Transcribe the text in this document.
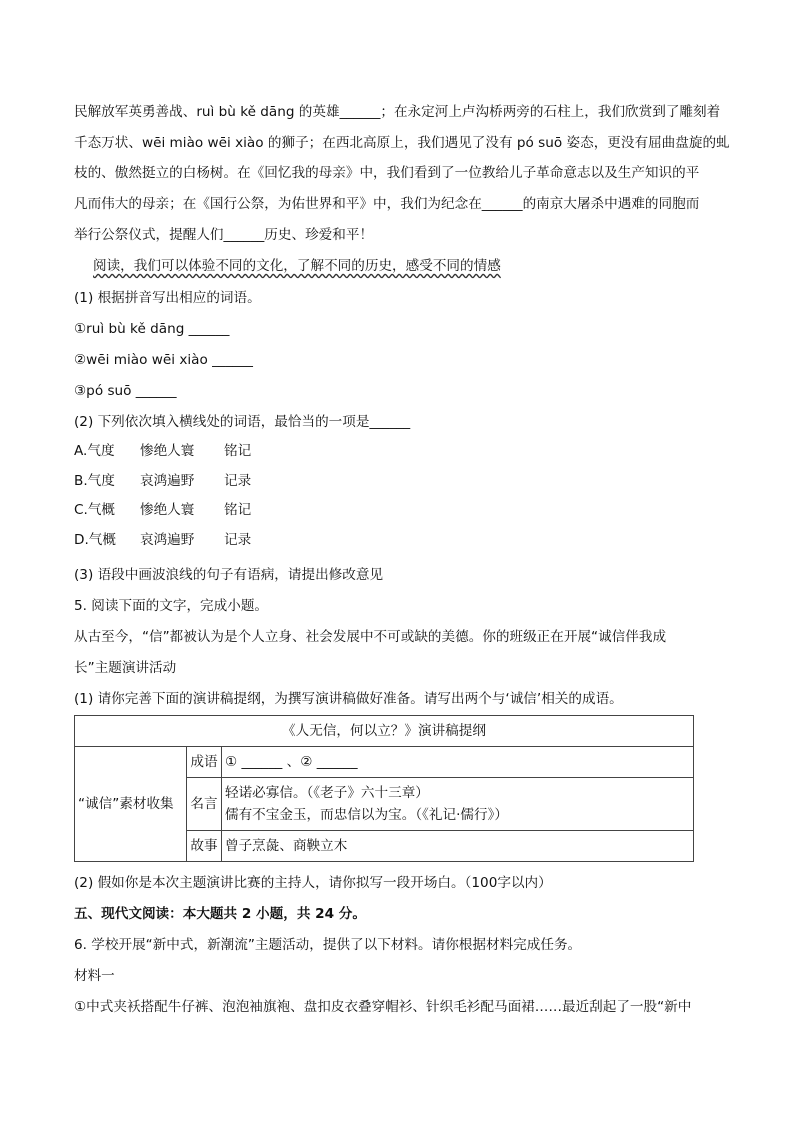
民解放军英勇善战、ruì bù kě dāng 的英雄______；在永定河上卢沟桥两旁的石柱上，我们欣赏到了雕刻着
千态万状、wēi miào wēi xiào 的狮子；在西北高原上，我们遇见了没有 pó suō 姿态，更没有屈曲盘旋的虬
枝的、傲然挺立的白杨树。在《回忆我的母亲》中，我们看到了一位教给儿子革命意志以及生产知识的平
凡而伟大的母亲；在《国行公祭，为佑世界和平》中，我们为纪念在______的南京大屠杀中遇难的同胞而
举行公祭仪式，提醒人们______历史、珍爱和平！
阅读，我们可以体验不同的文化，了解不同的历史，感受不同的情感
(1) 根据拼音写出相应的词语。
①ruì bù kě dāng ______
②wēi miào wēi xiào ______
③pó suō ______
(2) 下列依次填入横线处的词语，最恰当的一项是______
A.气度 惨绝人寰 铭记
B.气度 哀鸿遍野 记录
C.气概 惨绝人寰 铭记
D.气概 哀鸿遍野 记录
(3) 语段中画波浪线的句子有语病，请提出修改意见
5. 阅读下面的文字，完成小题。
从古至今，“信”都被认为是个人立身、社会发展中不可或缺的美德。你的班级正在开展“诚信伴我成
长”主题演讲活动
(1) 请你完善下面的演讲稿提纲，为撰写演讲稿做好准备。请写出两个与‘诚信’相关的成语。
《人无信，何以立？》演讲稿提纲		
“诚信”素材收集	成语	① ______ 、② ______
	名言	轻诺必寡信。（《老子》六十三章）
儒有不宝金玉，而忠信以为宝。（《礼记·儒行》）

	故事	曾子烹彘、商鞅立木
(2) 假如你是本次主题演讲比赛的主持人，请你拟写一段开场白。（100字以内）
五、现代文阅读：本大题共 2 小题，共 24 分。
6. 学校开展“新中式，新潮流”主题活动，提供了以下材料。请你根据材料完成任务。
材料一
①中式夹袄搭配牛仔裤、泡泡袖旗袍、盘扣皮衣叠穿帽衫、针织毛衫配马面裙……最近刮起了一股“新中
